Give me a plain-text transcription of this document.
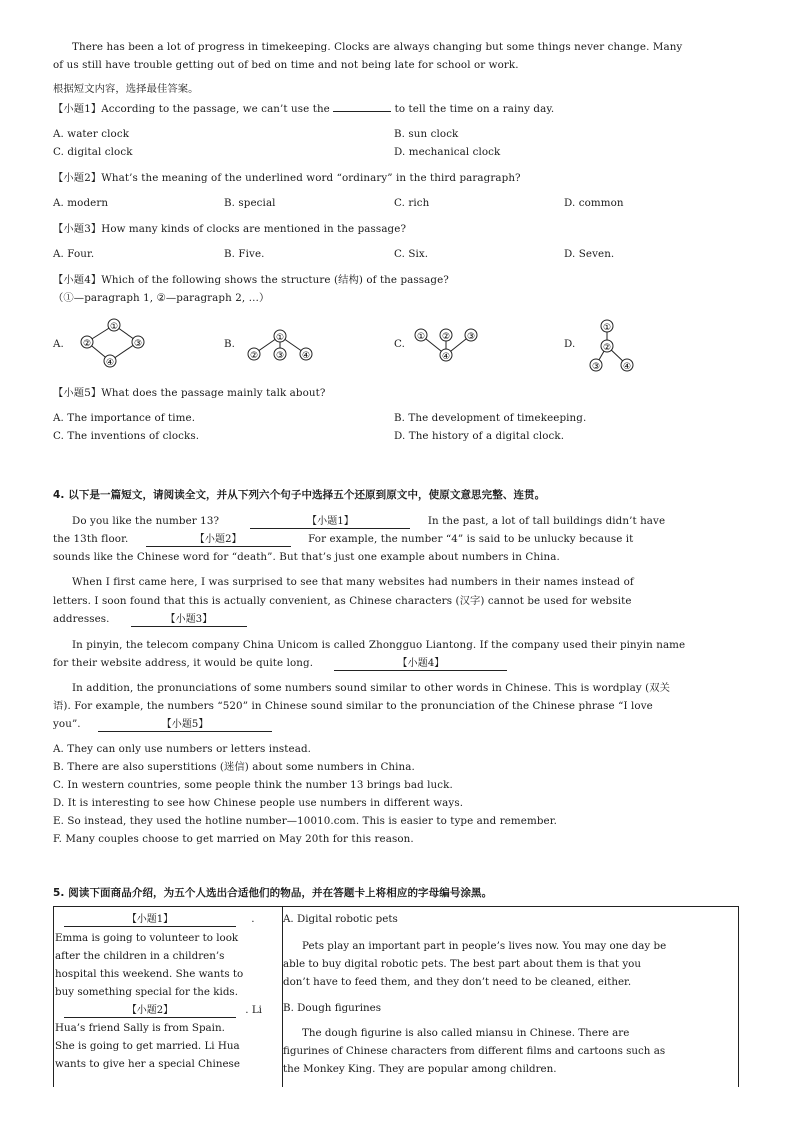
There has been a lot of progress in timekeeping. Clocks are always changing but some things never change. Many
of us still have trouble getting out of bed on time and not being late for school or work.
根据短文内容，选择最佳答案。
【小题1】According to the passage, we can’t use the	to tell the time on a rainy day.
A. water clock	B. sun clock
C. digital clock	D. mechanical clock
【小题2】What’s the meaning of the underlined word “ordinary” in the third paragraph?
A. modern	B. special	C. rich	D. common
【小题3】How many kinds of clocks are mentioned in the passage?
A. Four.	B. Five.	C. Six.	D. Seven.
【小题4】Which of the following shows the structure (结构) of the passage?
（①—paragraph 1, ②—paragraph 2, …）
A.	B.	C.	D.
①
②	③
④
①
② ③ ④
① ② ③
④
①
②
③	④
【小题5】What does the passage mainly talk about?
A. The importance of time.	B. The development of timekeeping.
C. The inventions of clocks.	D. The history of a digital clock.
4. 以下是一篇短文，请阅读全文，并从下列六个句子中选择五个还原到原文中，使原文意思完整、连贯。
Do you like the number 13?	【小题1】	In the past, a lot of tall buildings didn’t have
the 13th floor.	【小题2】	For example, the number “4” is said to be unlucky because it
sounds like the Chinese word for “death”. But that’s just one example about numbers in China.
When I first came here, I was surprised to see that many websites had numbers in their names instead of
letters. I soon found that this is actually convenient, as Chinese characters (汉字) cannot be used for website
addresses.	【小题3】
In pinyin, the telecom company China Unicom is called Zhongguo Liantong. If the company used their pinyin name
for their website address, it would be quite long.	【小题4】
In addition, the pronunciations of some numbers sound similar to other words in Chinese. This is wordplay (双关
语). For example, the numbers “520” in Chinese sound similar to the pronunciation of the Chinese phrase “I love
you”.	【小题5】
A. They can only use numbers or letters instead.
B. There are also superstitions (迷信) about some numbers in China.
C. In western countries, some people think the number 13 brings bad luck.
D. It is interesting to see how Chinese people use numbers in different ways.
E. So instead, they used the hotline number—10010.com. This is easier to type and remember.
F. Many couples choose to get married on May 20th for this reason.
5. 阅读下面商品介绍，为五个人选出合适他们的物品，并在答题卡上将相应的字母编号涂黑。
【小题1】	.
Emma is going to volunteer to look
after the children in a children’s
hospital this weekend. She wants to
buy something special for the kids.
【小题2】	. Li
Hua’s friend Sally is from Spain.
She is going to get married. Li Hua
wants to give her a special Chinese
A. Digital robotic pets
Pets play an important part in people’s lives now. You may one day be
able to buy digital robotic pets. The best part about them is that you
don’t have to feed them, and they don’t need to be cleaned, either.
B. Dough figurines
The dough figurine is also called miansu in Chinese. There are
figurines of Chinese characters from different films and cartoons such as
the Monkey King. They are popular among children.
